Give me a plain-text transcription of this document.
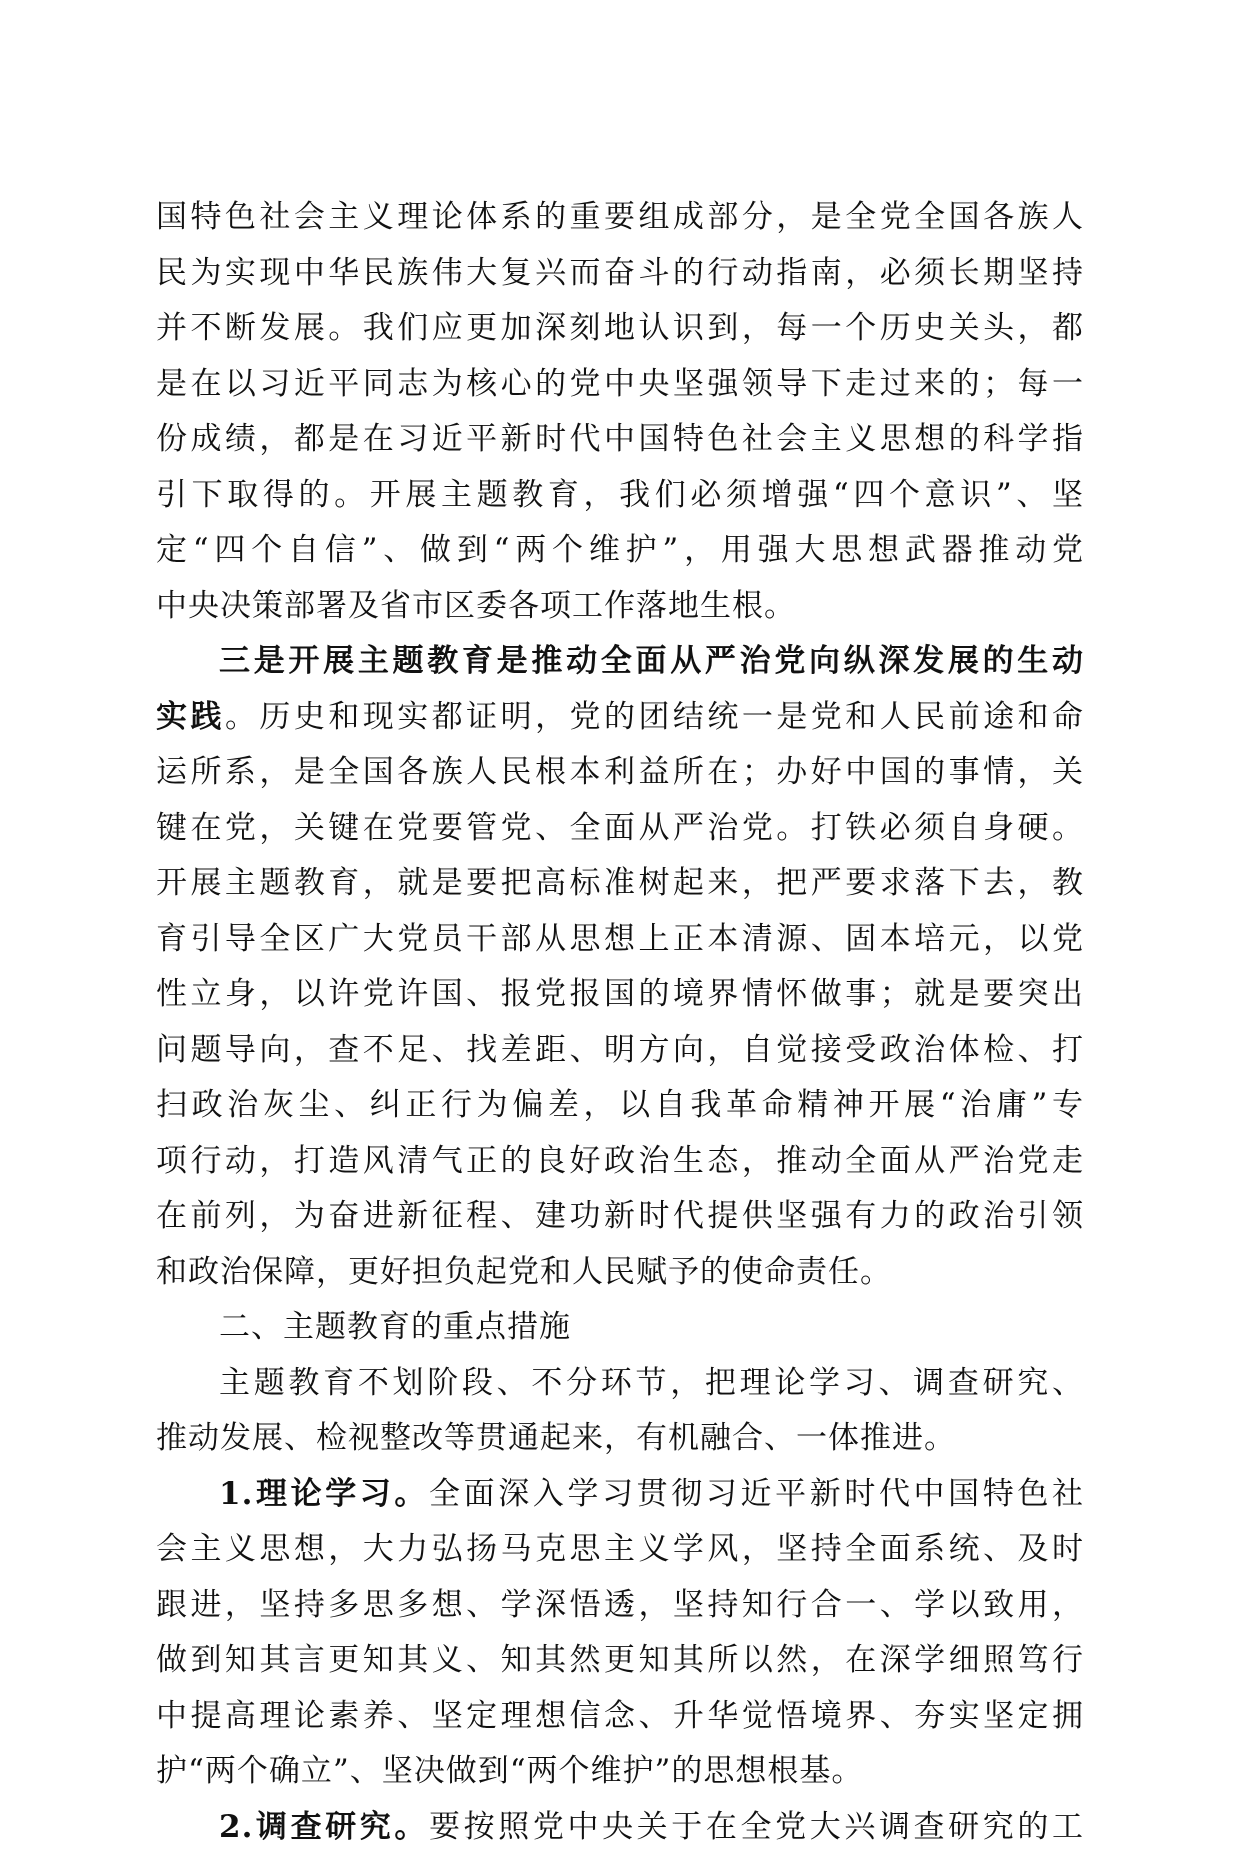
国特色社会主义理论体系的重要组成部分，是全党全国各族人
民为实现中华民族伟大复兴而奋斗的行动指南，必须长期坚持
并不断发展。我们应更加深刻地认识到，每一个历史关头，都
是在以习近平同志为核心的党中央坚强领导下走过来的；每一
份成绩，都是在习近平新时代中国特色社会主义思想的科学指
引下取得的。开展主题教育，我们必须增强“四个意识”、坚
定“四个自信”、做到“两个维护”，用强大思想武器推动党
中央决策部署及省市区委各项工作落地生根。
三是开展主题教育是推动全面从严治党向纵深发展的生动
实践。历史和现实都证明，党的团结统一是党和人民前途和命
运所系，是全国各族人民根本利益所在；办好中国的事情，关
键在党，关键在党要管党、全面从严治党。打铁必须自身硬。
开展主题教育，就是要把高标准树起来，把严要求落下去，教
育引导全区广大党员干部从思想上正本清源、固本培元，以党
性立身，以许党许国、报党报国的境界情怀做事；就是要突出
问题导向，查不足、找差距、明方向，自觉接受政治体检、打
扫政治灰尘、纠正行为偏差，以自我革命精神开展“治庸”专
项行动，打造风清气正的良好政治生态，推动全面从严治党走
在前列，为奋进新征程、建功新时代提供坚强有力的政治引领
和政治保障，更好担负起党和人民赋予的使命责任。
二、主题教育的重点措施
主题教育不划阶段、不分环节，把理论学习、调查研究、
推动发展、检视整改等贯通起来，有机融合、一体推进。
1.理论学习。全面深入学习贯彻习近平新时代中国特色社
会主义思想，大力弘扬马克思主义学风，坚持全面系统、及时
跟进，坚持多思多想、学深悟透，坚持知行合一、学以致用，
做到知其言更知其义、知其然更知其所以然，在深学细照笃行
中提高理论素养、坚定理想信念、升华觉悟境界、夯实坚定拥
护“两个确立”、坚决做到“两个维护”的思想根基。
2.调查研究。要按照党中央关于在全党大兴调查研究的工
